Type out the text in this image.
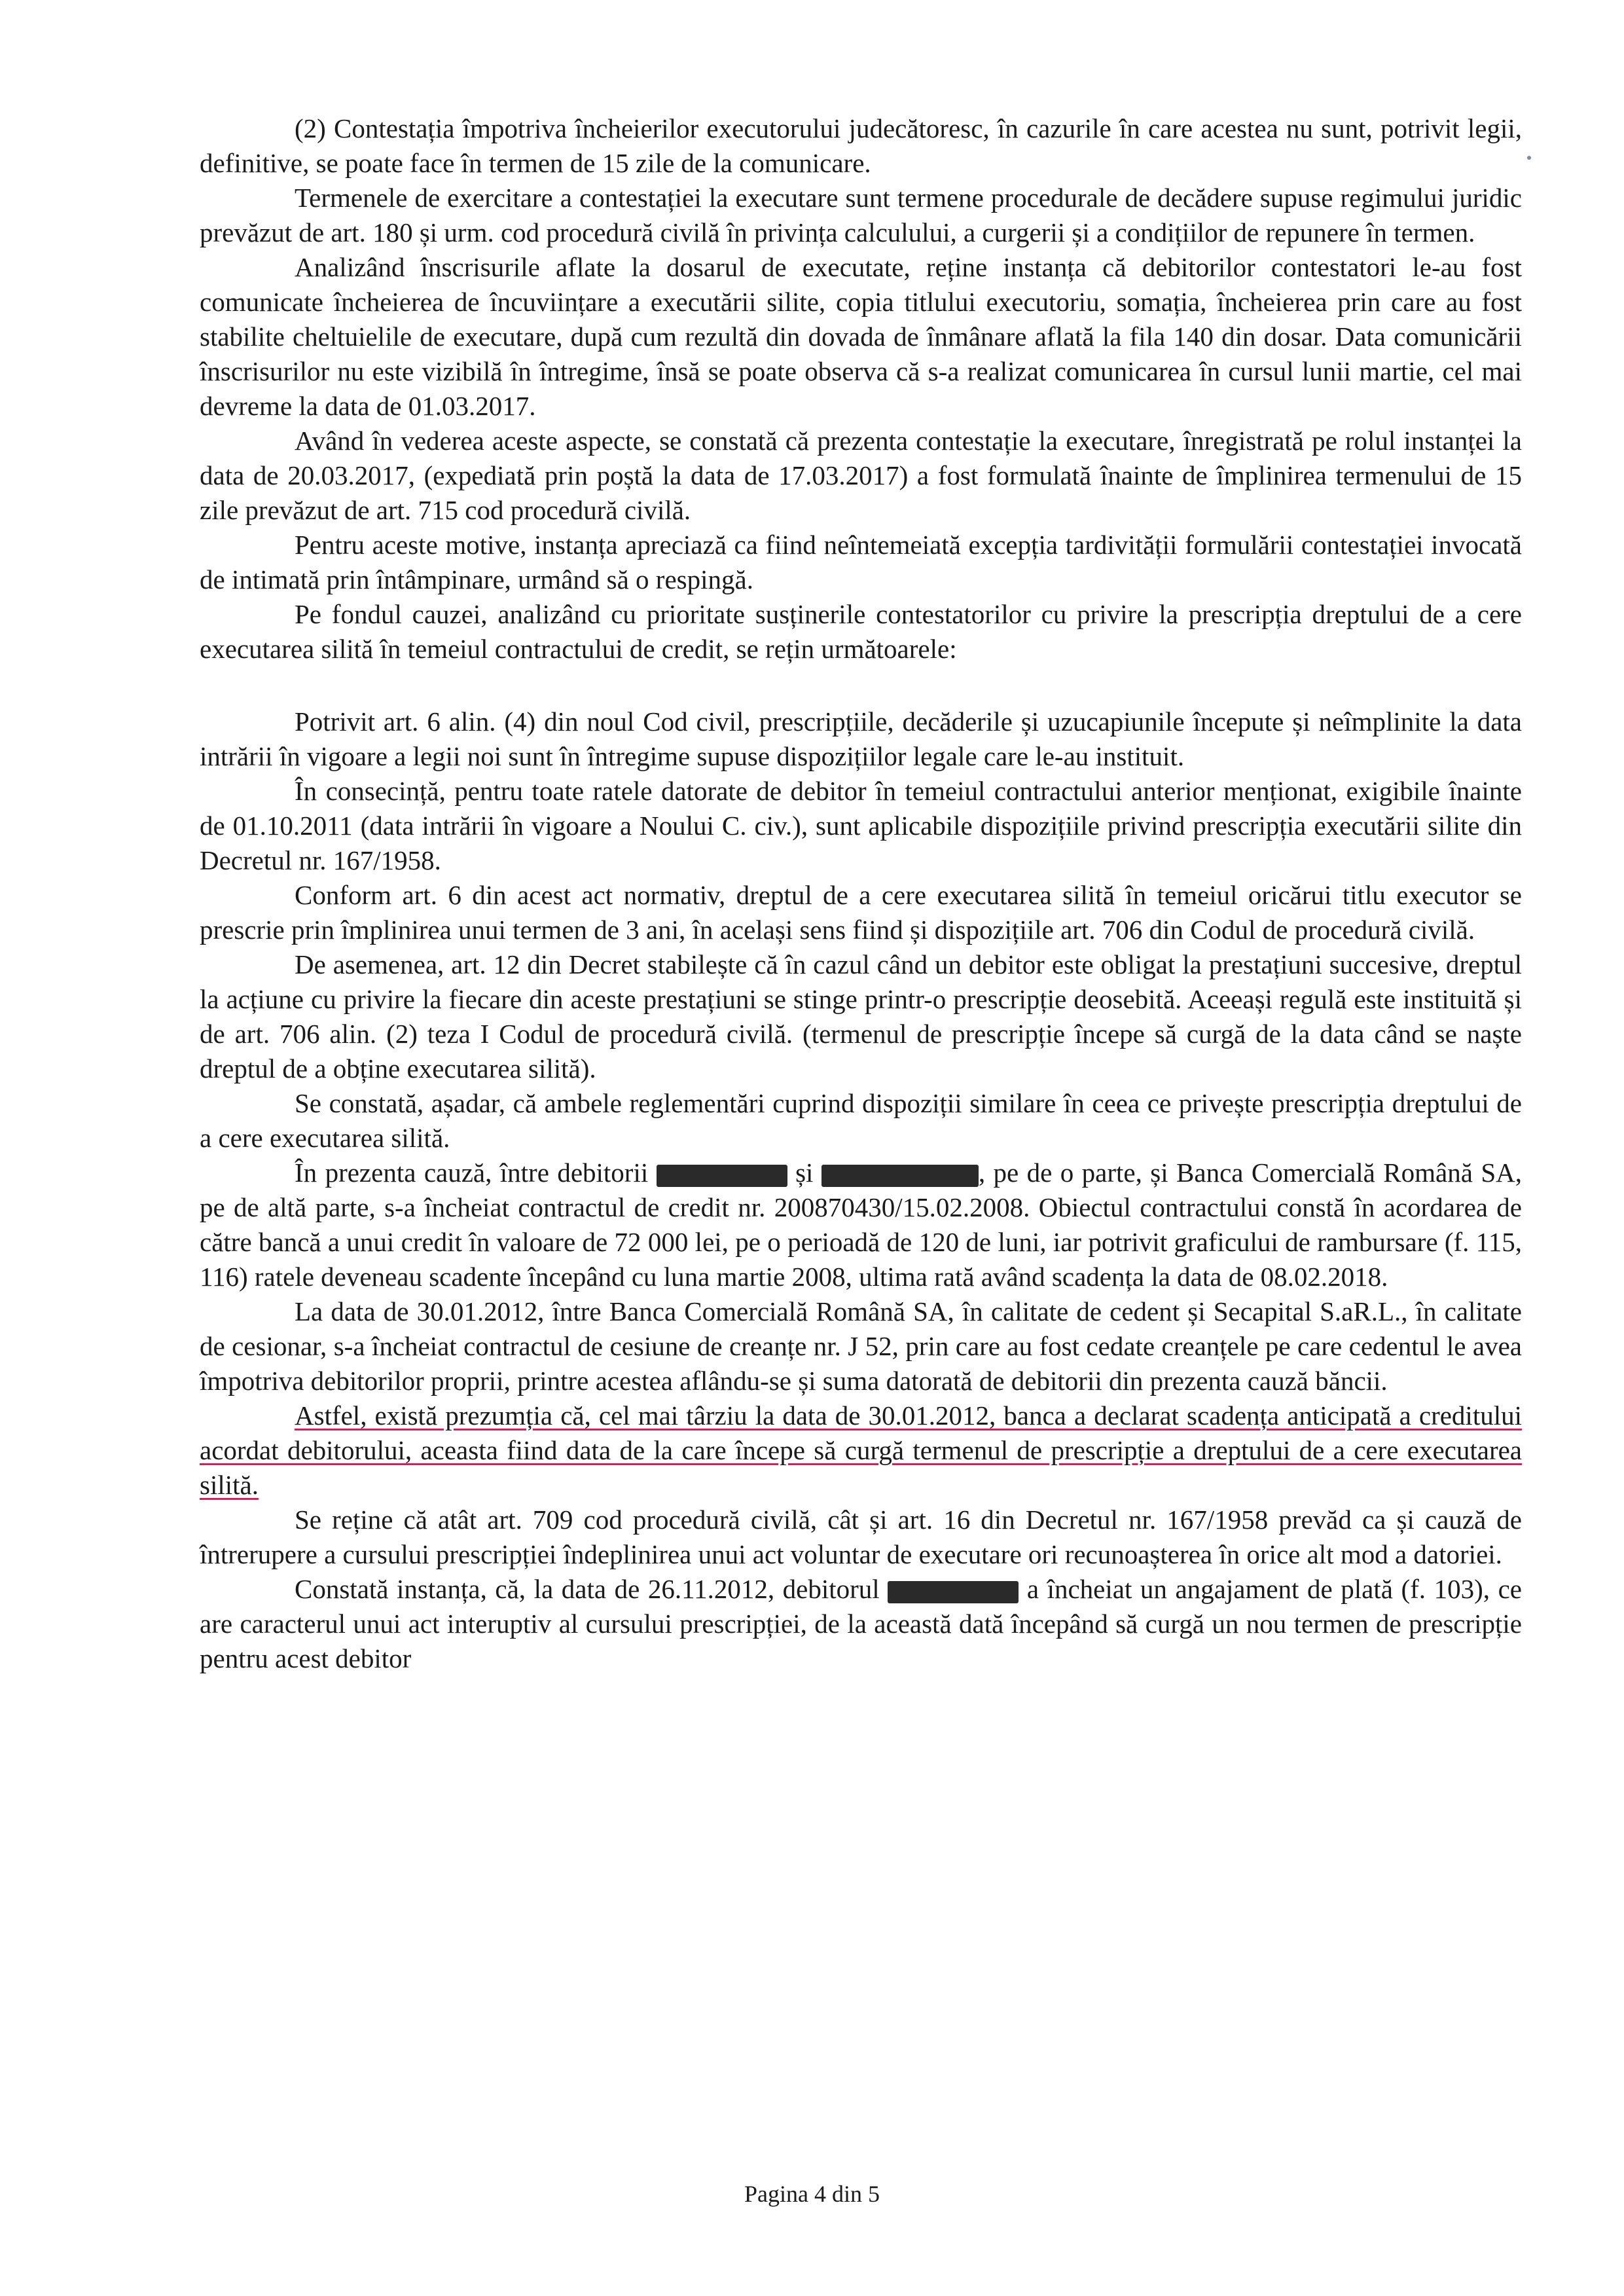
(2) Contestația împotriva încheierilor executorului judecătoresc, în cazurile în care acestea nu sunt, potrivit legii, definitive, se poate face în termen de 15 zile de la comunicare.

Termenele de exercitare a contestației la executare sunt termene procedurale de decădere supuse regimului juridic prevăzut de art. 180 și urm. cod procedură civilă în privința calculului, a curgerii și a condițiilor de repunere în termen.

Analizând înscrisurile aflate la dosarul de executate, reține instanța că debitorilor contestatori le-au fost comunicate încheierea de încuviințare a executării silite, copia titlului executoriu, somația, încheierea prin care au fost stabilite cheltuielile de executare, după cum rezultă din dovada de înmânare aflată la fila 140 din dosar. Data comunicării înscrisurilor nu este vizibilă în întregime, însă se poate observa că s-a realizat comunicarea în cursul lunii martie, cel mai devreme la data de 01.03.2017.

Având în vederea aceste aspecte, se constată că prezenta contestație la executare, înregistrată pe rolul instanței la data de 20.03.2017, (expediată prin poștă la data de 17.03.2017) a fost formulată înainte de împlinirea termenului de 15 zile prevăzut de art. 715 cod procedură civilă.

Pentru aceste motive, instanța apreciază ca fiind neîntemeiată excepția tardivității formulării contestației invocată de intimată prin întâmpinare, urmând să o respingă.

Pe fondul cauzei, analizând cu prioritate susținerile contestatorilor cu privire la prescripția dreptului de a cere executarea silită în temeiul contractului de credit, se rețin următoarele:

Potrivit art. 6 alin. (4) din noul Cod civil, prescripțiile, decăderile și uzucapiunile începute și neîmplinite la data intrării în vigoare a legii noi sunt în întregime supuse dispozițiilor legale care le-au instituit.

În consecință, pentru toate ratele datorate de debitor în temeiul contractului anterior menționat, exigibile înainte de 01.10.2011 (data intrării în vigoare a Noului C. civ.), sunt aplicabile dispozițiile privind prescripția executării silite din Decretul nr. 167/1958.

Conform art. 6 din acest act normativ, dreptul de a cere executarea silită în temeiul oricărui titlu executor se prescrie prin împlinirea unui termen de 3 ani, în același sens fiind și dispozițiile art. 706 din Codul de procedură civilă.

De asemenea, art. 12 din Decret stabilește că în cazul când un debitor este obligat la prestațiuni succesive, dreptul la acțiune cu privire la fiecare din aceste prestațiuni se stinge printr-o prescripție deosebită. Aceeași regulă este instituită și de art. 706 alin. (2) teza I Codul de procedură civilă. (termenul de prescripție începe să curgă de la data când se naște dreptul de a obține executarea silită).

Se constată, așadar, că ambele reglementări cuprind dispoziții similare în ceea ce privește prescripția dreptului de a cere executarea silită.

În prezenta cauză, între debitorii	și	, pe de o parte, și Banca Comercială Română SA, pe de altă parte, s-a încheiat contractul de credit nr. 200870430/15.02.2008. Obiectul contractului constă în acordarea de către bancă a unui credit în valoare de 72 000 lei, pe o perioadă de 120 de luni, iar potrivit graficului de rambursare (f. 115, 116) ratele deveneau scadente începând cu luna martie 2008, ultima rată având scadența la data de 08.02.2018.

La data de 30.01.2012, între Banca Comercială Română SA, în calitate de cedent și Secapital S.aR.L., în calitate de cesionar, s-a încheiat contractul de cesiune de creanțe nr. J 52, prin care au fost cedate creanțele pe care cedentul le avea împotriva debitorilor proprii, printre acestea aflându-se și suma datorată de debitorii din prezenta cauză băncii.

Astfel, există prezumția că, cel mai târziu la data de 30.01.2012, banca a declarat scadența anticipată a creditului acordat debitorului, aceasta fiind data de la care începe să curgă termenul de prescripție a dreptului de a cere executarea silită.

Se reține că atât art. 709 cod procedură civilă, cât și art. 16 din Decretul nr. 167/1958 prevăd ca și cauză de întrerupere a cursului prescripției îndeplinirea unui act voluntar de executare ori recunoașterea în orice alt mod a datoriei.

Constată instanța, că, la data de 26.11.2012, debitorul	a încheiat un angajament de plată (f. 103), ce are caracterul unui act interuptiv al cursului prescripției, de la această dată începând să curgă un nou termen de prescripție pentru acest debitor

Pagina 4 din 5
